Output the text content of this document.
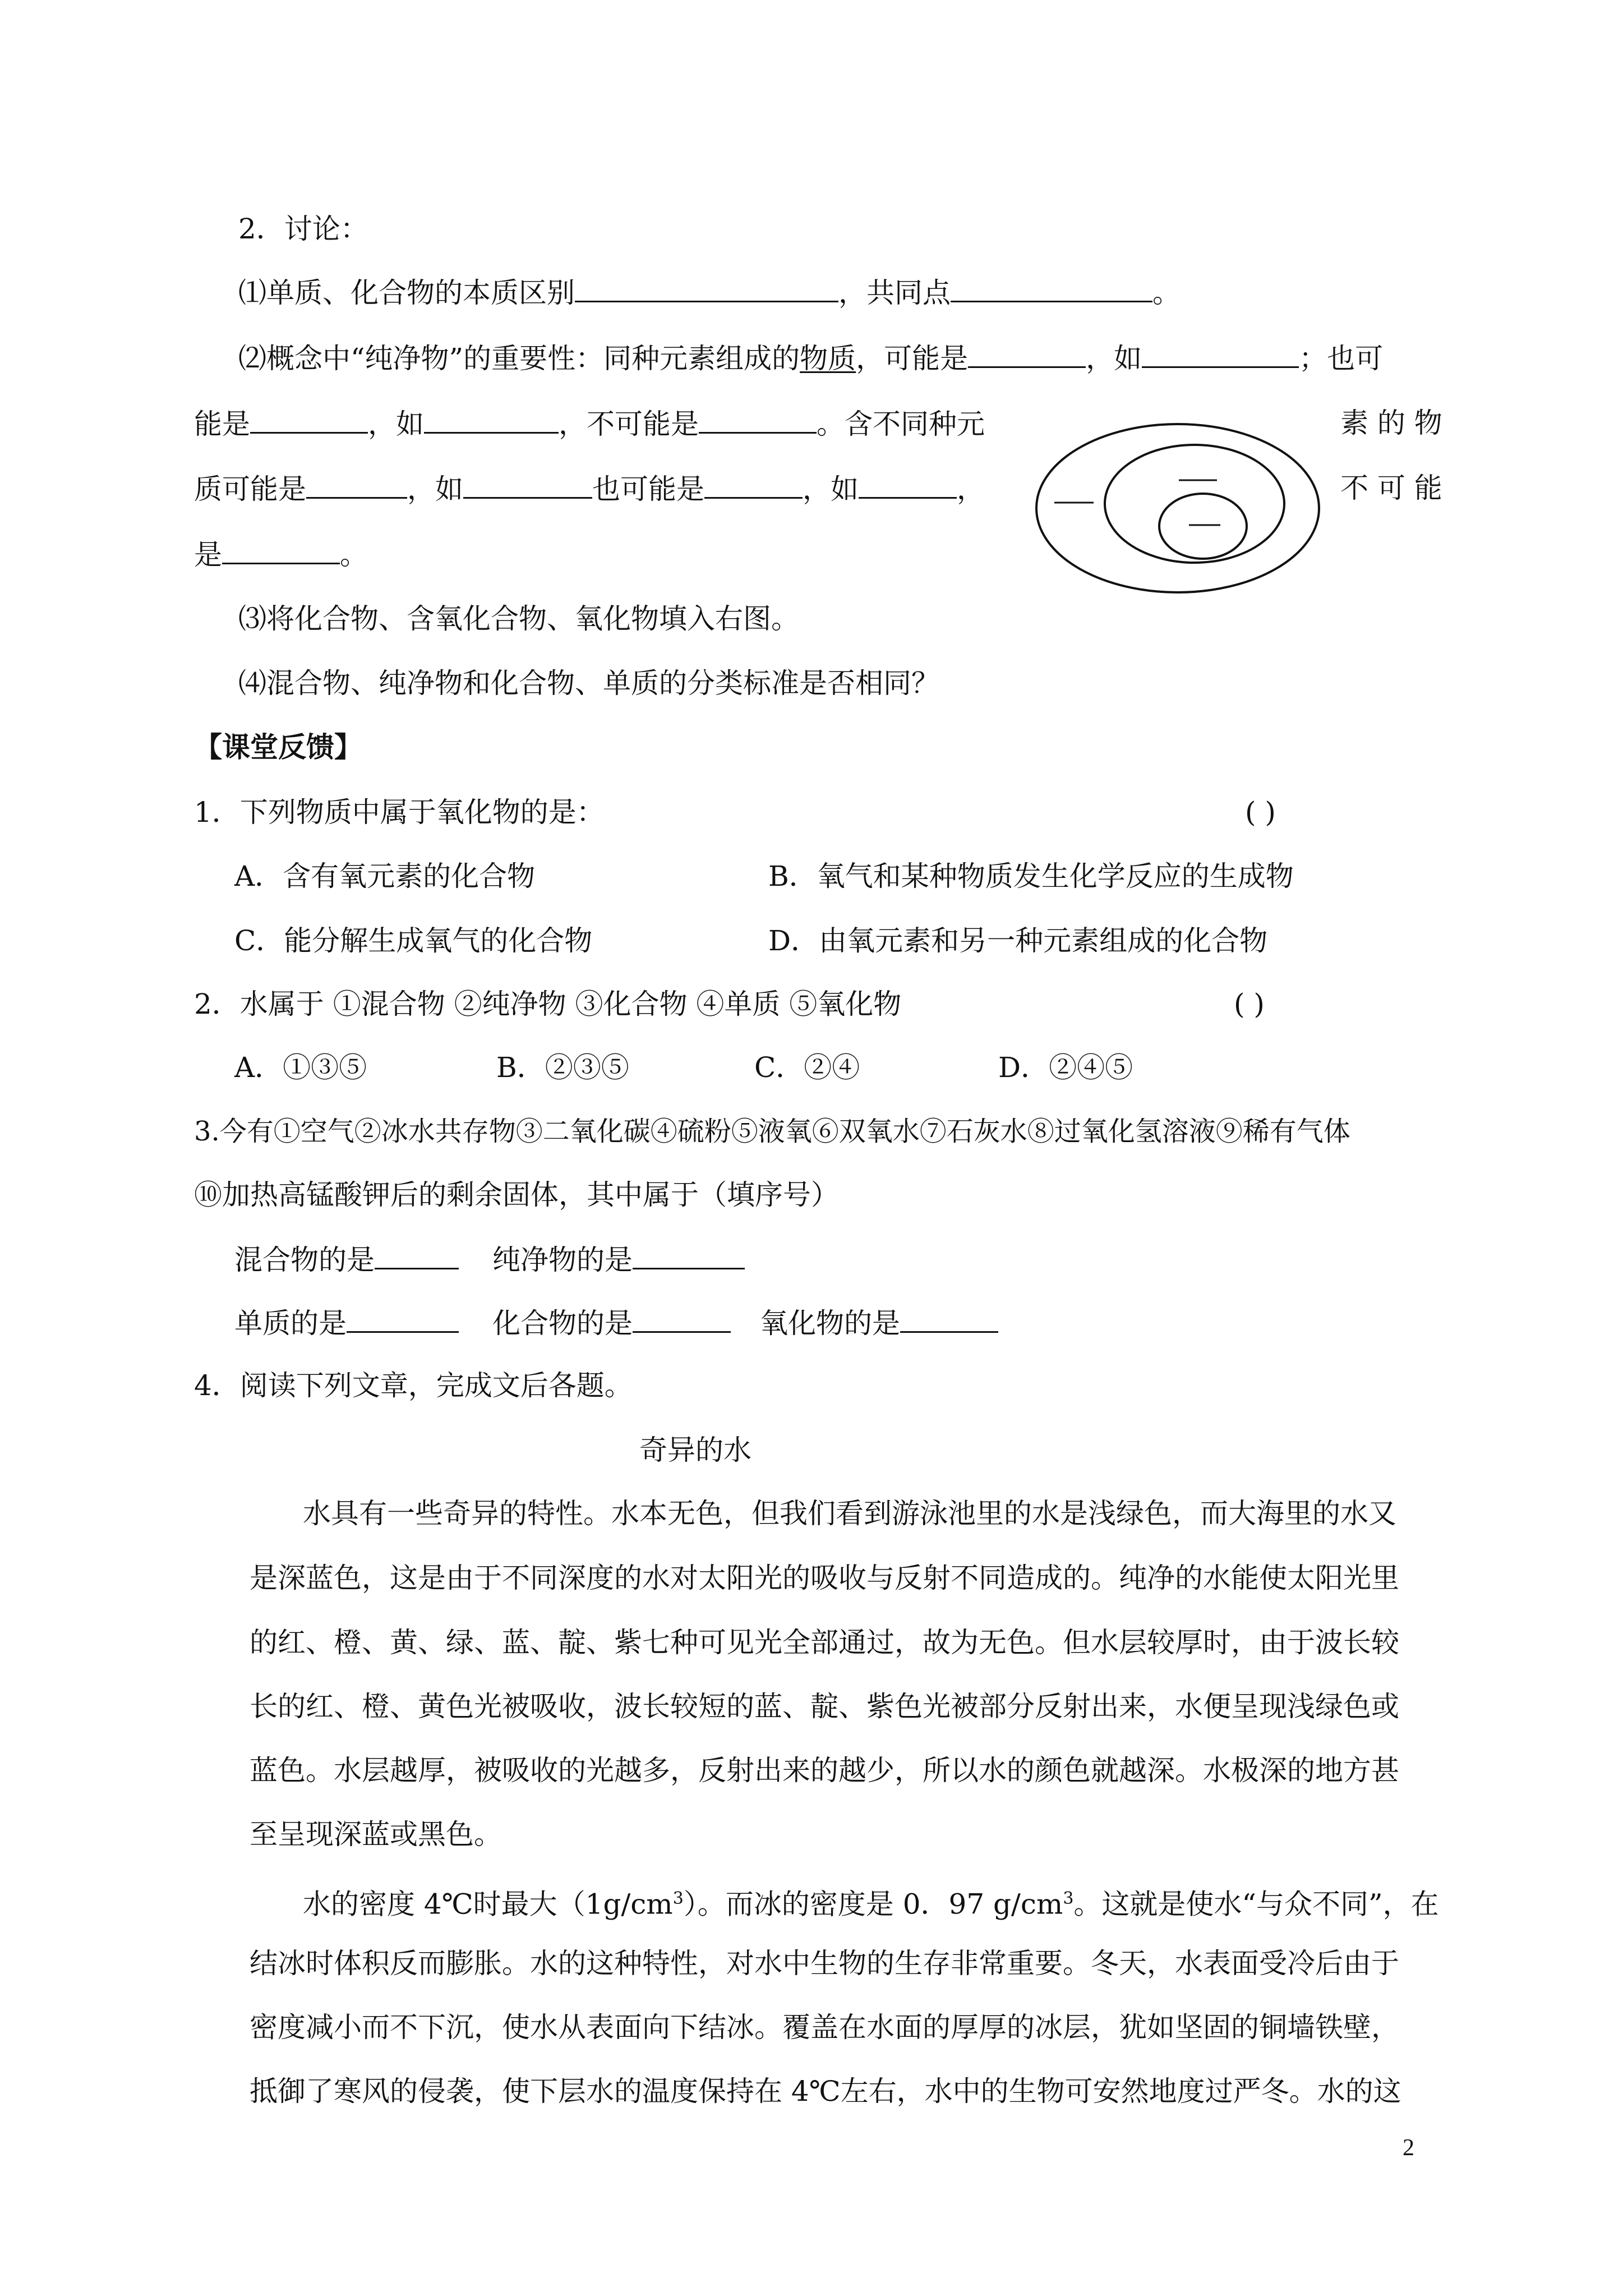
2．讨论：
⑴单质、化合物的本质区别	，共同点	。
⑵概念中“纯净物”的重要性：同种元素组成的物质，可能是	，如	；也可
能是	，如	，不可能是	。含不同种元	素 的 物
质可能是	，如	也可能是	，如	，	不 可 能
是	。
⑶将化合物、含氧化合物、氧化物填入右图。
⑷混合物、纯净物和化合物、单质的分类标准是否相同？
【课堂反馈】
1．下列物质中属于氧化物的是：	( )
A．含有氧元素的化合物	B．氧气和某种物质发生化学反应的生成物
C．能分解生成氧气的化合物	D．由氧元素和另一种元素组成的化合物
2．水属于 ①混合物 ②纯净物 ③化合物 ④单质 ⑤氧化物	( )
A．①③⑤	B．②③⑤	C．②④	D．②④⑤
3.今有①空气②冰水共存物③二氧化碳④硫粉⑤液氧⑥双氧水⑦石灰水⑧过氧化氢溶液⑨稀有气体
⑩加热高锰酸钾后的剩余固体，其中属于（填序号）
混合物的是	纯净物的是
单质的是	化合物的是	氧化物的是
4．阅读下列文章，完成文后各题。
奇异的水
水具有一些奇异的特性。水本无色，但我们看到游泳池里的水是浅绿色，而大海里的水又
是深蓝色，这是由于不同深度的水对太阳光的吸收与反射不同造成的。纯净的水能使太阳光里
的红、橙、黄、绿、蓝、靛、紫七种可见光全部通过，故为无色。但水层较厚时，由于波长较
长的红、橙、黄色光被吸收，波长较短的蓝、靛、紫色光被部分反射出来，水便呈现浅绿色或
蓝色。水层越厚，被吸收的光越多，反射出来的越少，所以水的颜色就越深。水极深的地方甚
至呈现深蓝或黑色。
水的密度 4℃时最大$(1g/cm^3)$。而冰的密度是 0．97 $g/cm^3$。这就是使水“与众不同”，在
结冰时体积反而膨胀。水的这种特性，对水中生物的生存非常重要。冬天，水表面受冷后由于
密度减小而不下沉，使水从表面向下结冰。覆盖在水面的厚厚的冰层，犹如坚固的铜墙铁壁，
抵御了寒风的侵袭，使下层水的温度保持在 4℃左右，水中的生物可安然地度过严冬。水的这
2
